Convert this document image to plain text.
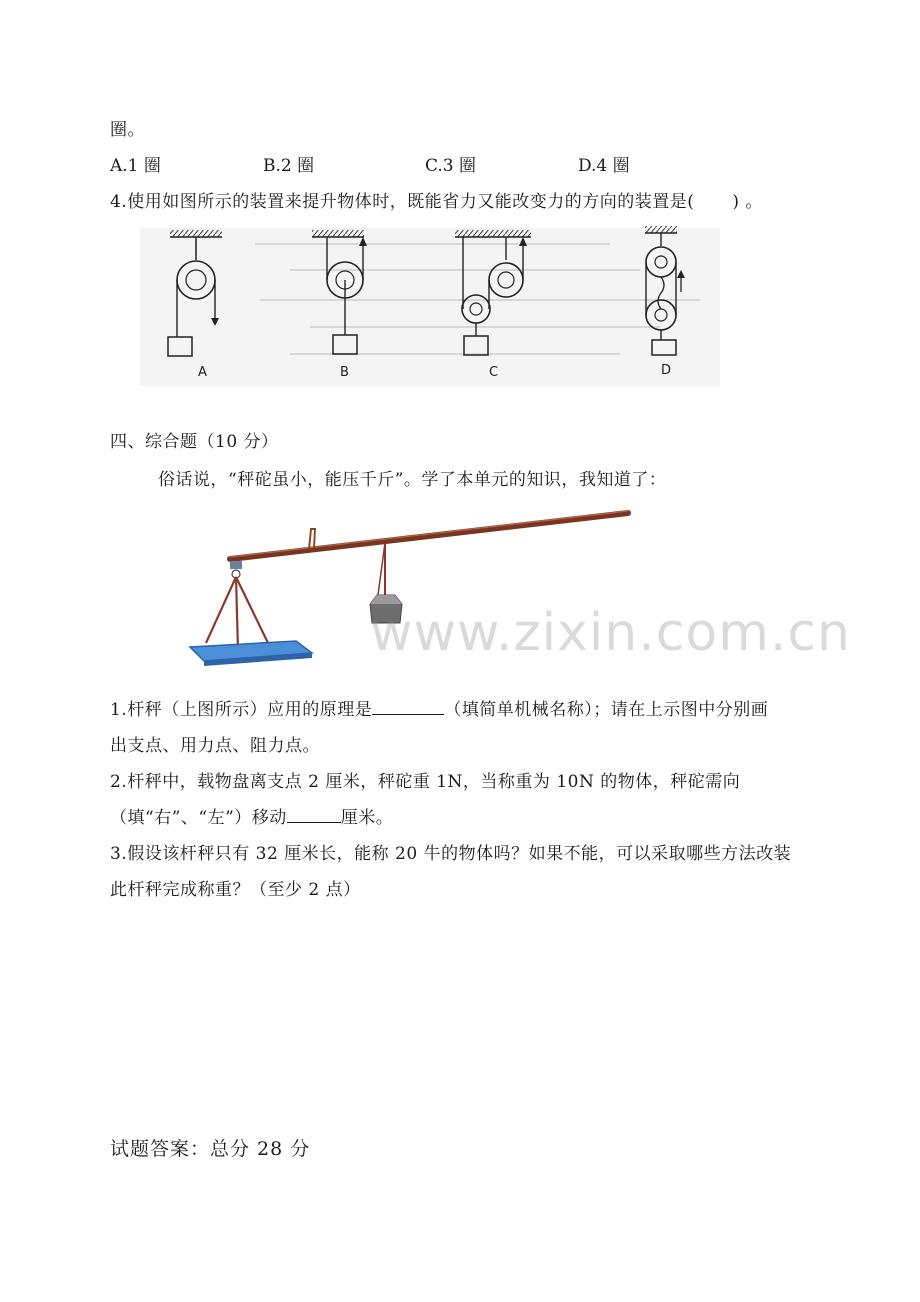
圈。
A.1 圈	B.2 圈	C.3 圈	D.4 圈
4.使用如图所示的装置来提升物体时，既能省力又能改变力的方向的装置是( ) 。
A	B	C	D
四、综合题（10 分）
俗话说，“秤砣虽小，能压千斤”。学了本单元的知识，我知道了：
www.zixin.com.cn
1.杆秤（上图所示）应用的原理是	（填简单机械名称）；请在上示图中分别画
出支点、用力点、阻力点。
2.杆秤中，载物盘离支点 2 厘米，秤砣重 1N，当称重为 10N 的物体，秤砣需向
（填“右”、“左”）移动	厘米。
3.假设该杆秤只有 32 厘米长，能称 20 牛的物体吗？如果不能，可以采取哪些方法改装
此杆秤完成称重？（至少 2 点）
试题答案：总分 28 分
